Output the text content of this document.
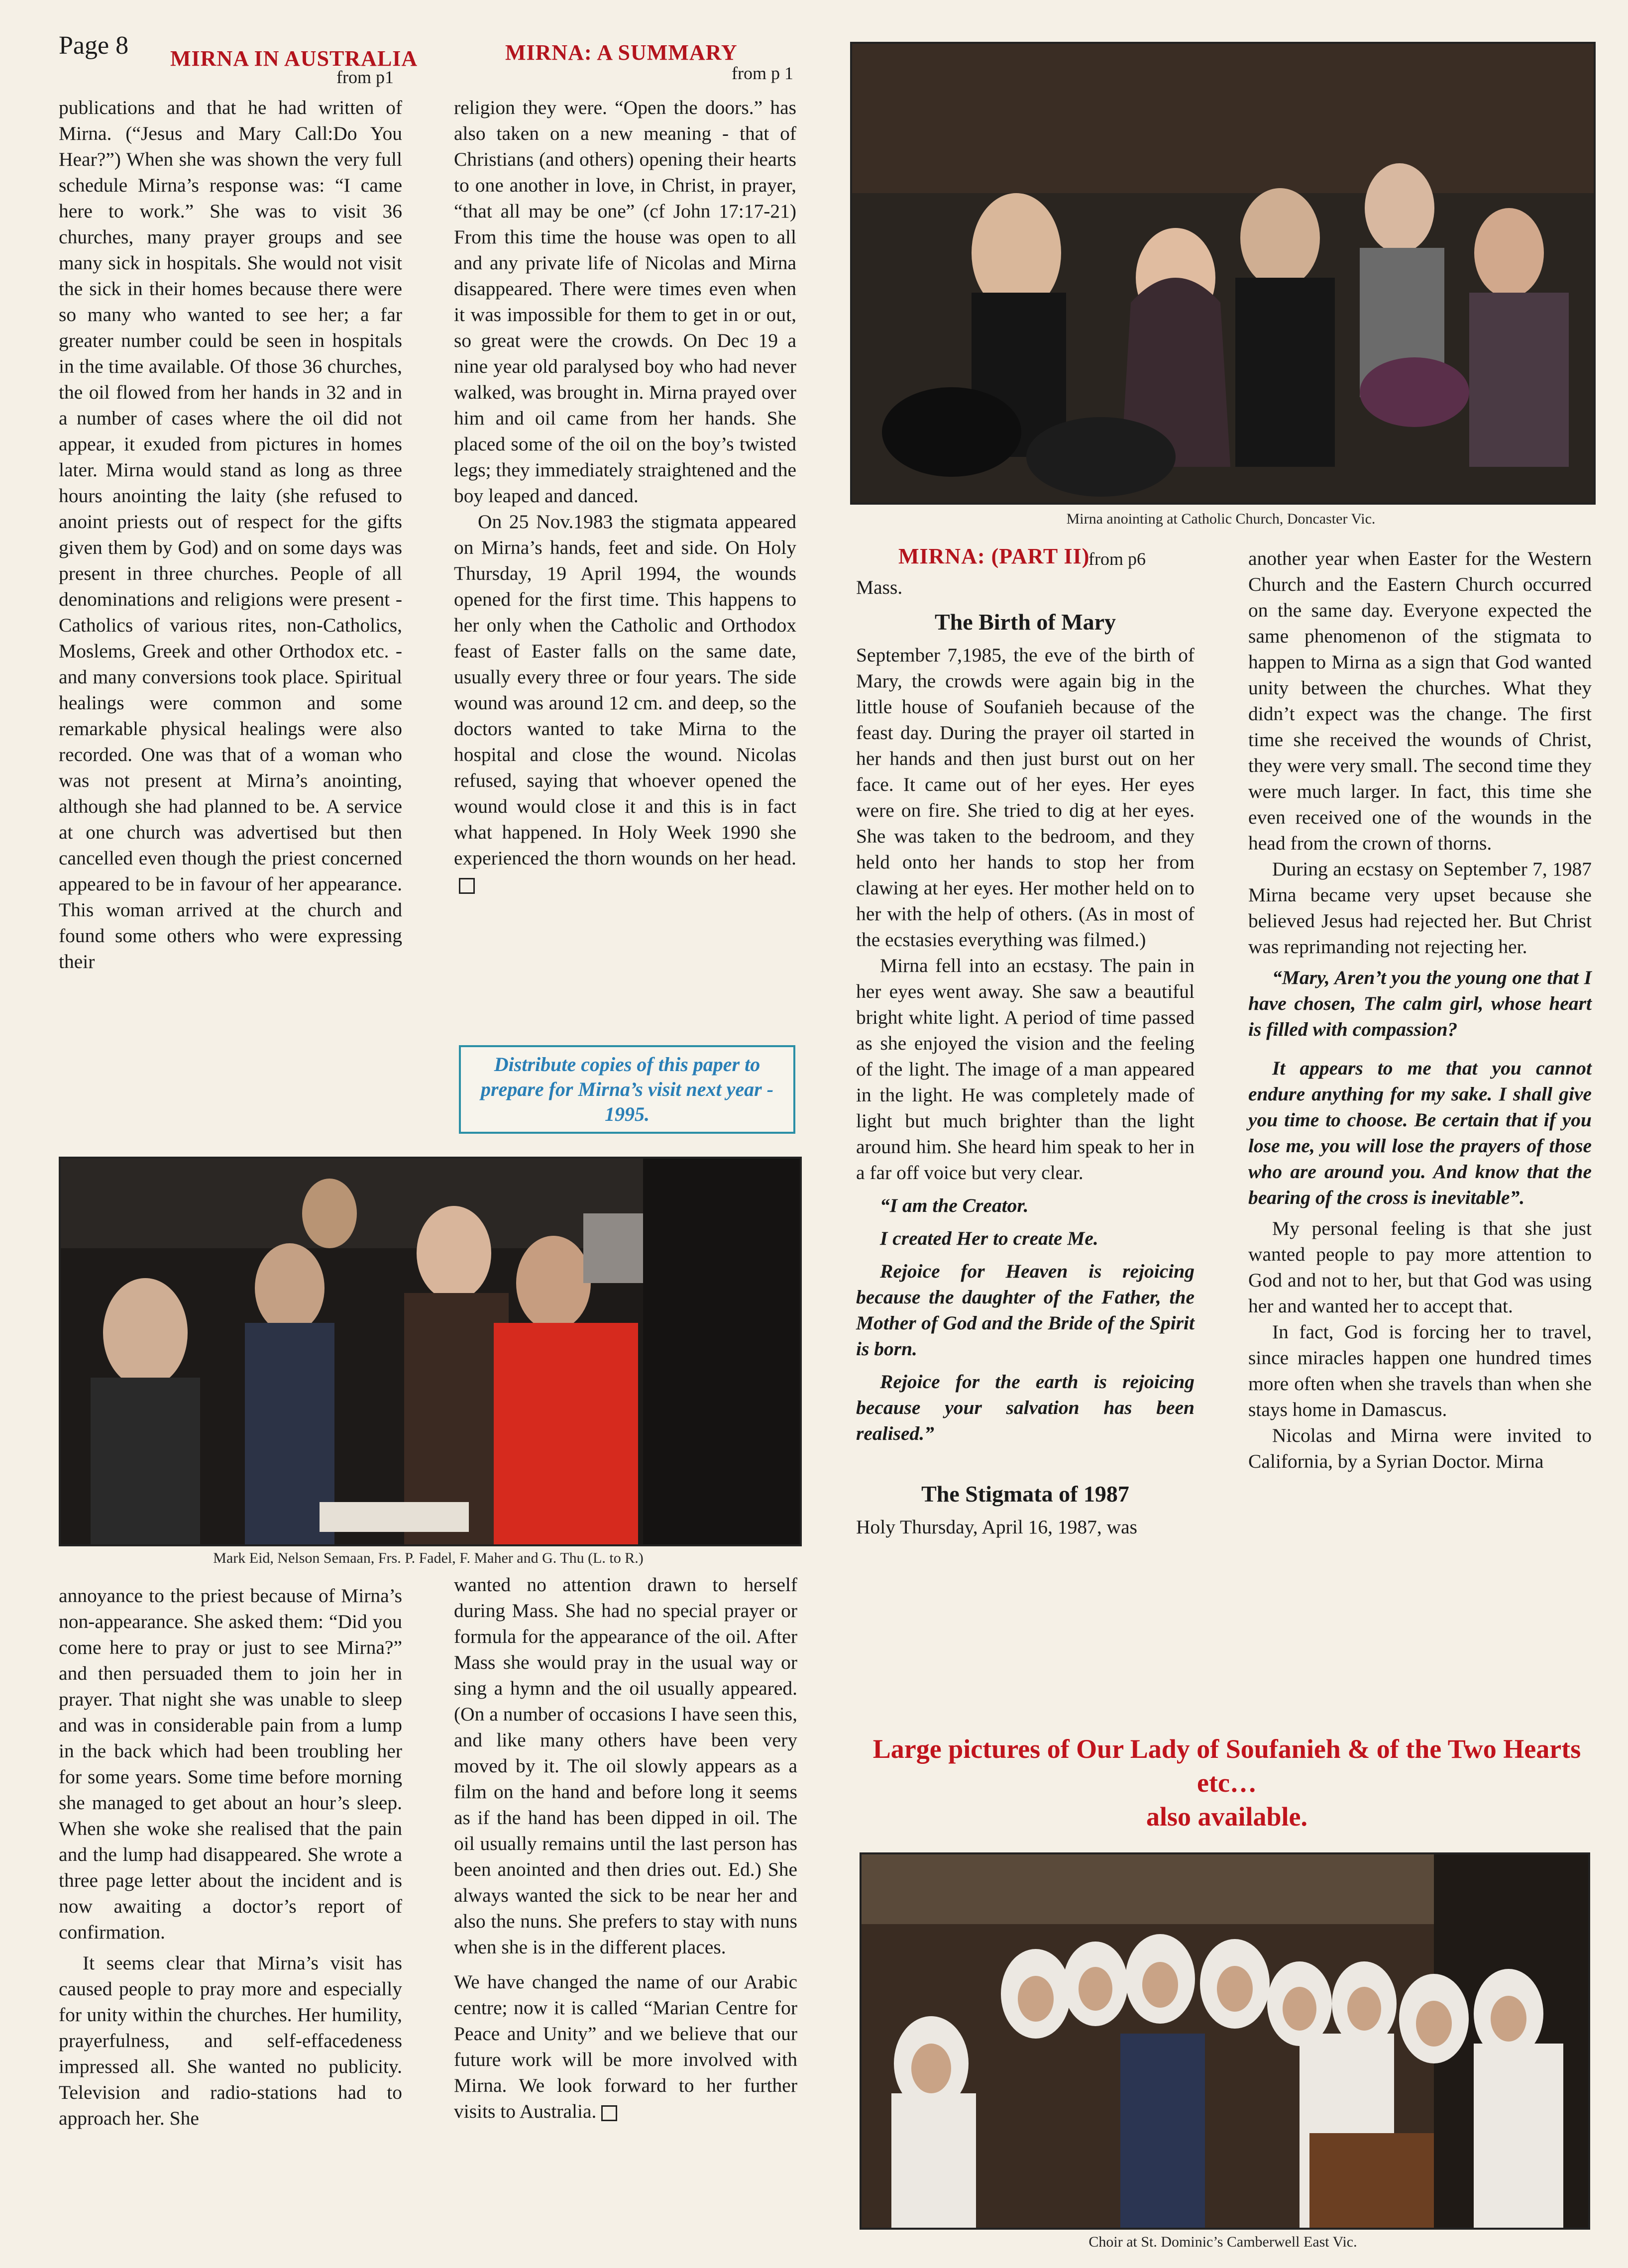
Page 8 MIRNA IN AUSTRALIA
from p1
MIRNA: A SUMMARY
from p 1

publications and that he had written of Mirna. (“Jesus and Mary Call:Do You Hear?”) When she was shown the very full schedule Mirna’s response was: “I came here to work.” She was to visit 36 churches, many prayer groups and see many sick in hospitals. She would not visit the sick in their homes because there were so many who wanted to see her; a far greater number could be seen in hospitals in the time available. Of those 36 churches, the oil flowed from her hands in 32 and in a number of cases where the oil did not appear, it exuded from pictures in homes later. Mirna would stand as long as three hours anointing the laity (she refused to anoint priests out of respect for the gifts given them by God) and on some days was present in three churches. People of all denominations and religions were present - Catholics of various rites, non-Catholics, Moslems, Greek and other Orthodox etc. - and many conversions took place. Spiritual healings were common and some remarkable physical healings were also recorded. One was that of a woman who was not present at Mirna’s anointing, although she had planned to be. A service at one church was advertised but then cancelled even though the priest concerned appeared to be in favour of her appearance. This woman arrived at the church and found some others who were expressing their

religion they were. “Open the doors.” has also taken on a new meaning - that of Christians (and others) opening their hearts to one another in love, in Christ, in prayer, “that all may be one” (cf John 17:17-21) From this time the house was open to all and any private life of Nicolas and Mirna disappeared. There were times even when it was impossible for them to get in or out, so great were the crowds. On Dec 19 a nine year old paralysed boy who had never walked, was brought in. Mirna prayed over him and oil came from her hands. She placed some of the oil on the boy’s twisted legs; they immediately straightened and the boy leaped and danced.

On 25 Nov.1983 the stigmata appeared on Mirna’s hands, feet and side. On Holy Thursday, 19 April 1994, the wounds opened for the first time. This happens to her only when the Catholic and Orthodox feast of Easter falls on the same date, usually every three or four years. The side wound was around 12 cm. and deep, so the doctors wanted to take Mirna to the hospital and close the wound. Nicolas refused, saying that whoever opened the wound would close it and this is in fact what happened. In Holy Week 1990 she experienced the thorn wounds on her head.

Distribute copies of this paper to prepare for Mirna’s visit next year - 1995.
Mirna anointing at Catholic Church, Doncaster Vic.
MIRNA: (PART II)
from p6

Mass.

The Birth of Mary

September 7,1985, the eve of the birth of Mary, the crowds were again big in the little house of Soufanieh because of the feast day. During the prayer oil started in her hands and then just burst out on her face. It came out of her eyes. Her eyes were on fire. She tried to dig at her eyes. She was taken to the bedroom, and they held onto her hands to stop her from clawing at her eyes. Her mother held on to her with the help of others. (As in most of the ecstasies everything was filmed.)

Mirna fell into an ecstasy. The pain in her eyes went away. She saw a beautiful bright white light. A period of time passed as she enjoyed the vision and the feeling of the light. The image of a man appeared in the light. He was completely made of light but much brighter than the light around him. She heard him speak to her in a far off voice but very clear.

“I am the Creator.

I created Her to create Me.

Rejoice for Heaven is rejoicing because the daughter of the Father, the Mother of God and the Bride of the Spirit is born.

Rejoice for the earth is rejoicing because your salvation has been realised.”

The Stigmata of 1987

Holy Thursday, April 16, 1987, was

another year when Easter for the Western Church and the Eastern Church occurred on the same day. Everyone expected the same phenomenon of the stigmata to happen to Mirna as a sign that God wanted unity between the churches. What they didn’t expect was the change. The first time she received the wounds of Christ, they were very small. The second time they were much larger. In fact, this time she even received one of the wounds in the head from the crown of thorns.

During an ecstasy on September 7, 1987 Mirna became very upset because she believed Jesus had rejected her. But Christ was reprimanding not rejecting her.

“Mary, Aren’t you the young one that I have chosen, The calm girl, whose heart is filled with compassion?

It appears to me that you cannot endure anything for my sake. I shall give you time to choose. Be certain that if you lose me, you will lose the prayers of those who are around you. And know that the bearing of the cross is inevitable”.

My personal feeling is that she just wanted people to pay more attention to God and not to her, but that God was using her and wanted her to accept that.

In fact, God is forcing her to travel, since miracles happen one hundred times more often when she travels than when she stays home in Damascus.

Nicolas and Mirna were invited to California, by a Syrian Doctor. Mirna

Mark Eid, Nelson Semaan, Frs. P. Fadel, F. Maher and G. Thu (L. to R.)

annoyance to the priest because of Mirna’s non-appearance. She asked them: “Did you come here to pray or just to see Mirna?” and then persuaded them to join her in prayer. That night she was unable to sleep and was in considerable pain from a lump in the back which had been troubling her for some years. Some time before morning she managed to get about an hour’s sleep. When she woke she realised that the pain and the lump had disappeared. She wrote a three page letter about the incident and is now awaiting a doctor’s report of confirmation.

It seems clear that Mirna’s visit has caused people to pray more and especially for unity within the churches. Her humility, prayerfulness, and self-effacedeness impressed all. She wanted no publicity. Television and radio-stations had to approach her. She

wanted no attention drawn to herself during Mass. She had no special prayer or formula for the appearance of the oil. After Mass she would pray in the usual way or sing a hymn and the oil usually appeared. (On a number of occasions I have seen this, and like many others have been very moved by it. The oil slowly appears as a film on the hand and before long it seems as if the hand has been dipped in oil. The oil usually remains until the last person has been anointed and then dries out. Ed.) She always wanted the sick to be near her and also the nuns. She prefers to stay with nuns when she is in the different places.

We have changed the name of our Arabic centre; now it is called “Marian Centre for Peace and Unity” and we believe that our future work will be more involved with Mirna. We look forward to her further visits to Australia.

Large pictures of Our Lady of Soufanieh & of the Two Hearts etc…
also available.
Choir at St. Dominic’s Camberwell East Vic.
